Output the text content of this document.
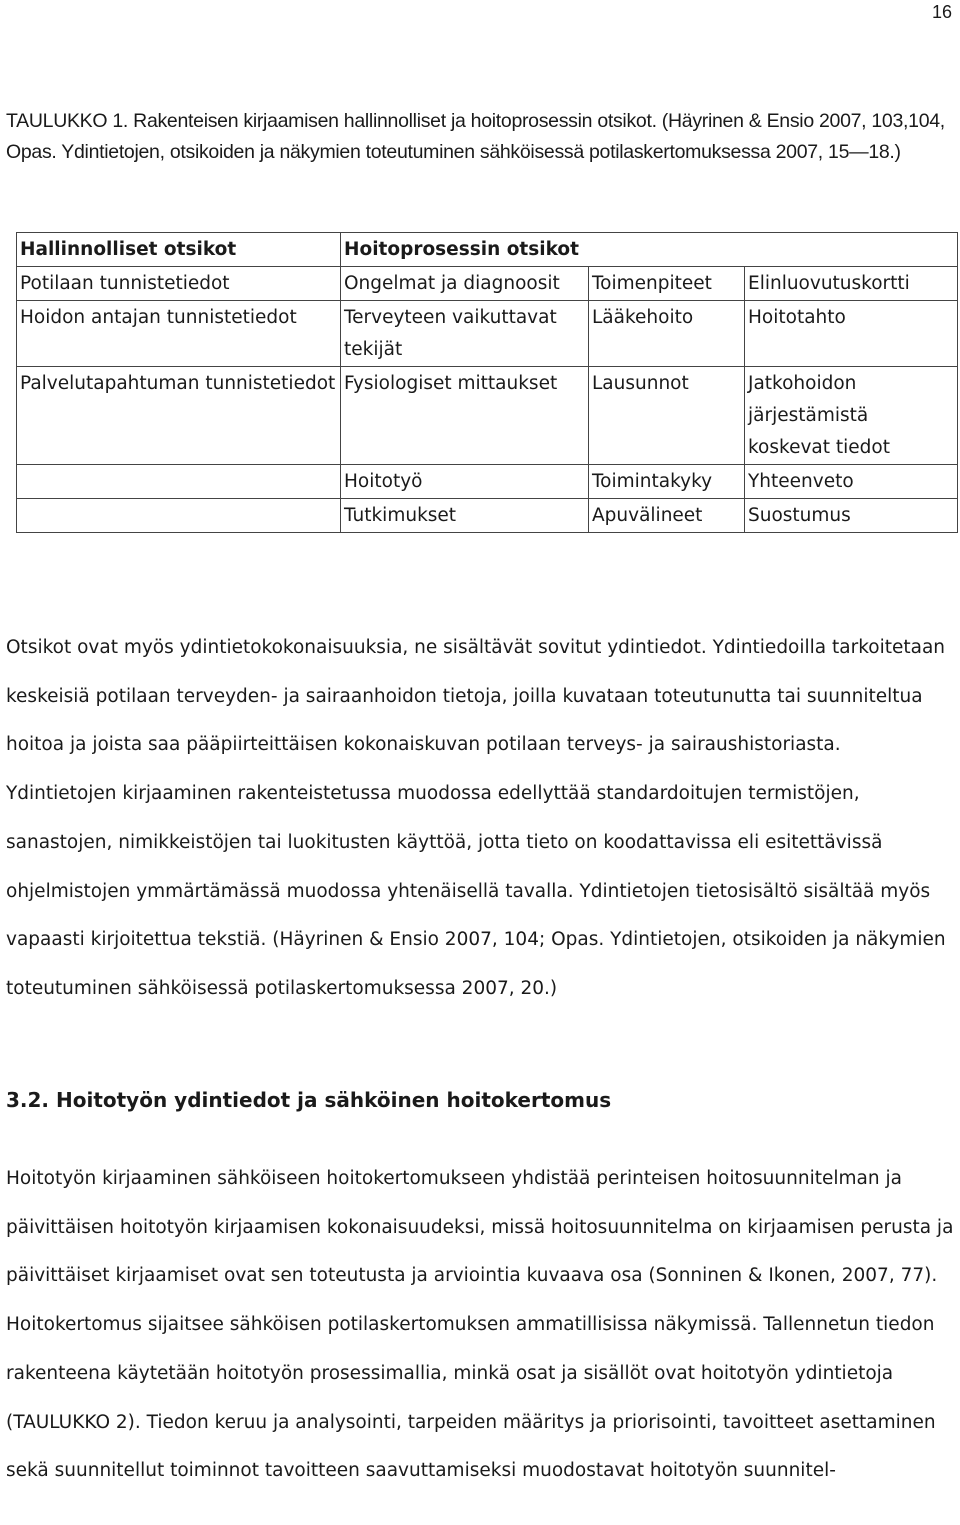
16

TAULUKKO 1. Rakenteisen kirjaamisen hallinnolliset ja hoitoprosessin otsikot. (Häyrinen & Ensio 2007, 103,104, Opas. Ydintietojen, otsikoiden ja näkymien toteutuminen sähköisessä potilaskertomuksessa 2007, 15—18.)

Hallinnolliset otsikot	Hoitoprosessin otsikot		
Potilaan tunnistetiedot	Ongelmat ja diagnoosit	Toimenpiteet	Elinluovutuskortti
Hoidon antajan tunnistetiedot	Terveyteen vaikuttavat tekijät	Lääkehoito	Hoitotahto
Palvelutapahtuman tunnistetiedot	Fysiologiset mittaukset	Lausunnot	Jatkohoidon järjestämistä koskevat tiedot
	Hoitotyö	Toimintakyky	Yhteenveto
	Tutkimukset	Apuvälineet	Suostumus

Otsikot ovat myös ydintietokokonaisuuksia, ne sisältävät sovitut ydintiedot. Ydintiedoilla tarkoitetaan keskeisiä potilaan terveyden- ja sairaanhoidon tietoja, joilla kuvataan toteutunutta tai suunniteltua hoitoa ja joista saa pääpiirteittäisen kokonaiskuvan potilaan terveys- ja sairaushistoriasta. Ydintietojen kirjaaminen rakenteistetussa muodossa edellyttää standardoitujen termistöjen, sanastojen, nimikkeistöjen tai luokitusten käyttöä, jotta tieto on koodattavissa eli esitettävissä ohjelmistojen ymmärtämässä muodossa yhtenäisellä tavalla. Ydintietojen tietosisältö sisältää myös vapaasti kirjoitettua tekstiä. (Häyrinen & Ensio 2007, 104; Opas. Ydintietojen, otsikoiden ja näkymien toteutuminen sähköisessä potilaskertomuksessa 2007, 20.)

3.2. Hoitotyön ydintiedot ja sähköinen hoitokertomus

Hoitotyön kirjaaminen sähköiseen hoitokertomukseen yhdistää perinteisen hoitosuunnitelman ja päivittäisen hoitotyön kirjaamisen kokonaisuudeksi, missä hoitosuunnitelma on kirjaamisen perusta ja päivittäiset kirjaamiset ovat sen toteutusta ja arviointia kuvaava osa (Sonninen & Ikonen, 2007, 77). Hoitokertomus sijaitsee sähköisen potilaskertomuksen ammatillisissa näkymissä. Tallennetun tiedon rakenteena käytetään hoitotyön prosessimallia, minkä osat ja sisällöt ovat hoitotyön ydintietoja (TAULUKKO 2). Tiedon keruu ja analysointi, tarpeiden määritys ja priorisointi, tavoitteet asettaminen sekä suunnitellut toiminnot tavoitteen saavuttamiseksi muodostavat hoitotyön suunnitel-
